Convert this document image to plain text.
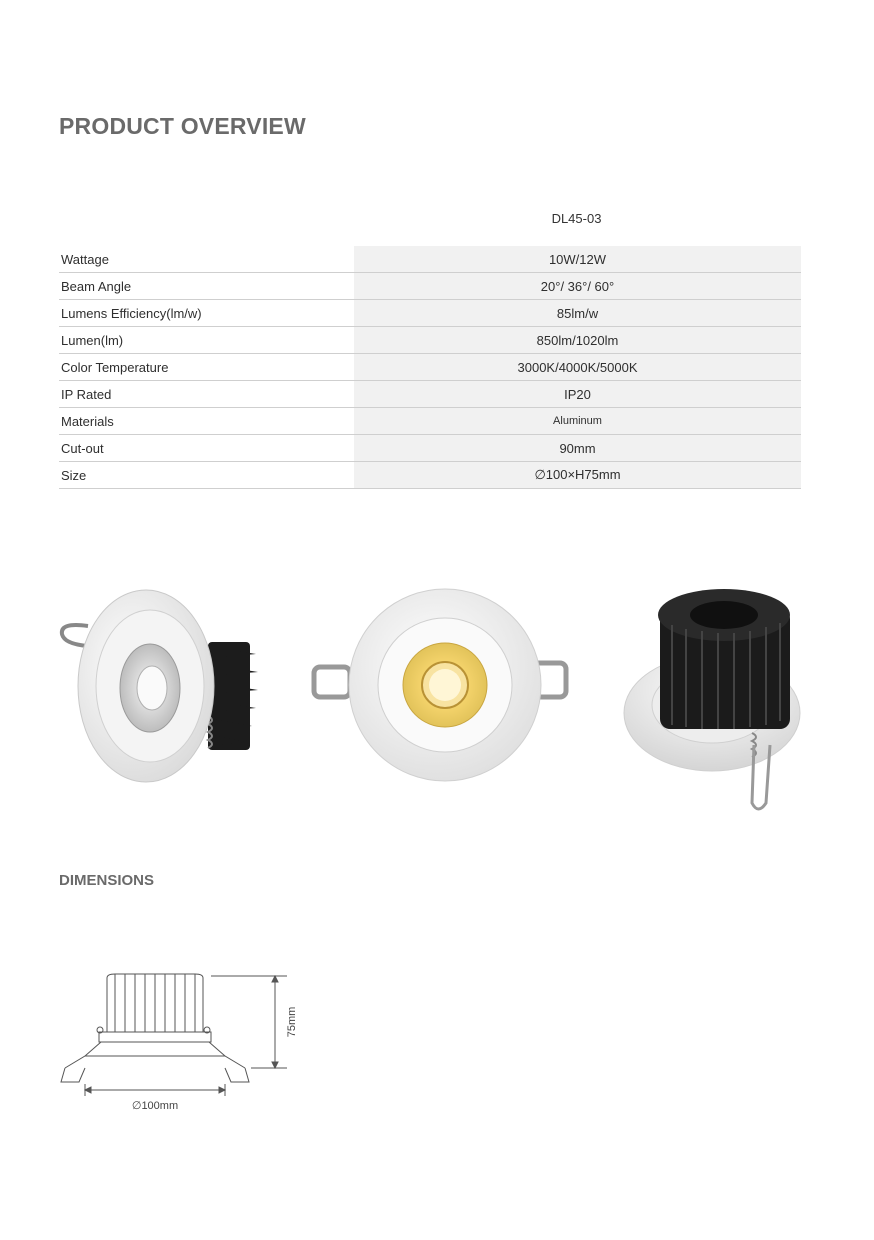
PRODUCT OVERVIEW
DL45-03
Wattage	10W/12W
Beam Angle	20°/ 36°/ 60°
Lumens Efficiency(lm/w)	85lm/w
Lumen(lm)	850lm/1020lm
Color Temperature	3000K/4000K/5000K
IP Rated	IP20
Materials	Aluminum
Cut-out	90mm
Size	∅100×H75mm
DIMENSIONS
∅100mm
75mm
